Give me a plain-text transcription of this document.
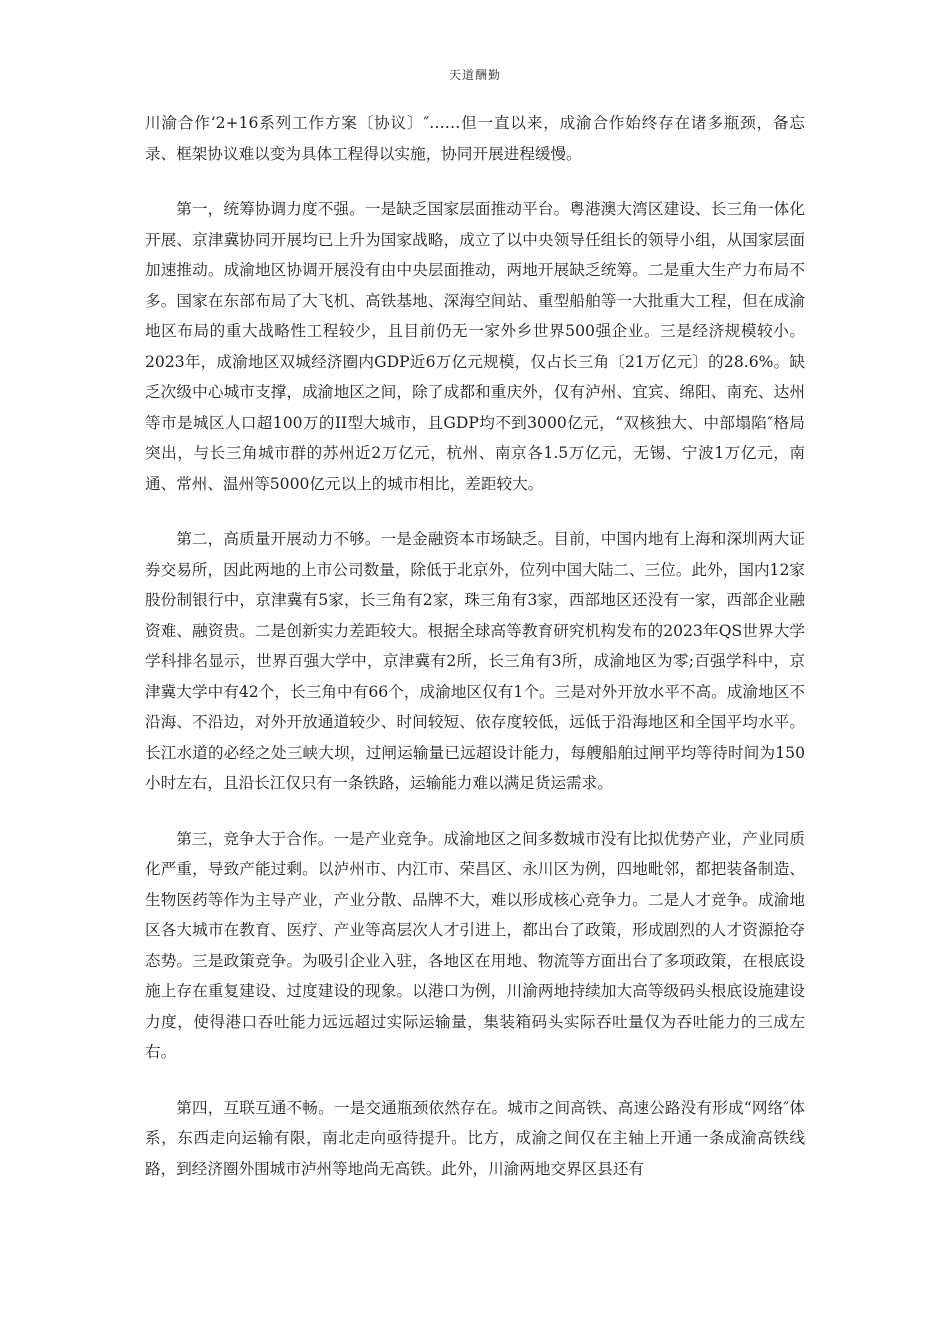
天道酬勤

川渝合作‘2+16系列工作方案〔协议〕″……但一直以来，成渝合作始终存在诸多瓶颈，备忘录、框架协议难以变为具体工程得以实施，协同开展进程缓慢。

第一，统筹协调力度不强。一是缺乏国家层面推动平台。粤港澳大湾区建设、长三角一体化开展、京津冀协同开展均已上升为国家战略，成立了以中央领导任组长的领导小组，从国家层面加速推动。成渝地区协调开展没有由中央层面推动，两地开展缺乏统筹。二是重大生产力布局不多。国家在东部布局了大飞机、高铁基地、深海空间站、重型船舶等一大批重大工程，但在成渝地区布局的重大战略性工程较少，且目前仍无一家外乡世界500强企业。三是经济规模较小。2023年，成渝地区双城经济圈内GDP近6万亿元规模，仅占长三角〔21万亿元〕的28.6%。缺乏次级中心城市支撑，成渝地区之间，除了成都和重庆外，仅有泸州、宜宾、绵阳、南充、达州等市是城区人口超100万的II型大城市，且GDP均不到3000亿元，“双核独大、中部塌陷″格局突出，与长三角城市群的苏州近2万亿元，杭州、南京各1.5万亿元，无锡、宁波1万亿元，南通、常州、温州等5000亿元以上的城市相比，差距较大。

第二，高质量开展动力不够。一是金融资本市场缺乏。目前，中国内地有上海和深圳两大证券交易所，因此两地的上市公司数量，除低于北京外，位列中国大陆二、三位。此外，国内12家股份制银行中，京津冀有5家，长三角有2家，珠三角有3家，西部地区还没有一家，西部企业融资难、融资贵。二是创新实力差距较大。根据全球高等教育研究机构发布的2023年QS世界大学学科排名显示，世界百强大学中，京津冀有2所，长三角有3所，成渝地区为零;百强学科中，京津冀大学中有42个，长三角中有66个，成渝地区仅有1个。三是对外开放水平不高。成渝地区不沿海、不沿边，对外开放通道较少、时间较短、依存度较低，远低于沿海地区和全国平均水平。长江水道的必经之处三峡大坝，过闸运输量已远超设计能力，每艘船舶过闸平均等待时间为150小时左右，且沿长江仅只有一条铁路，运输能力难以满足货运需求。

第三，竞争大于合作。一是产业竞争。成渝地区之间多数城市没有比拟优势产业，产业同质化严重，导致产能过剩。以泸州市、内江市、荣昌区、永川区为例，四地毗邻，都把装备制造、生物医药等作为主导产业，产业分散、品牌不大，难以形成核心竞争力。二是人才竞争。成渝地区各大城市在教育、医疗、产业等高层次人才引进上，都出台了政策，形成剧烈的人才资源抢夺态势。三是政策竞争。为吸引企业入驻，各地区在用地、物流等方面出台了多项政策，在根底设施上存在重复建设、过度建设的现象。以港口为例，川渝两地持续加大高等级码头根底设施建设力度，使得港口吞吐能力远远超过实际运输量，集装箱码头实际吞吐量仅为吞吐能力的三成左右。

第四，互联互通不畅。一是交通瓶颈依然存在。城市之间高铁、高速公路没有形成“网络″体系，东西走向运输有限，南北走向亟待提升。比方，成渝之间仅在主轴上开通一条成渝高铁线路，到经济圈外围城市泸州等地尚无高铁。此外，川渝两地交界区县还有
